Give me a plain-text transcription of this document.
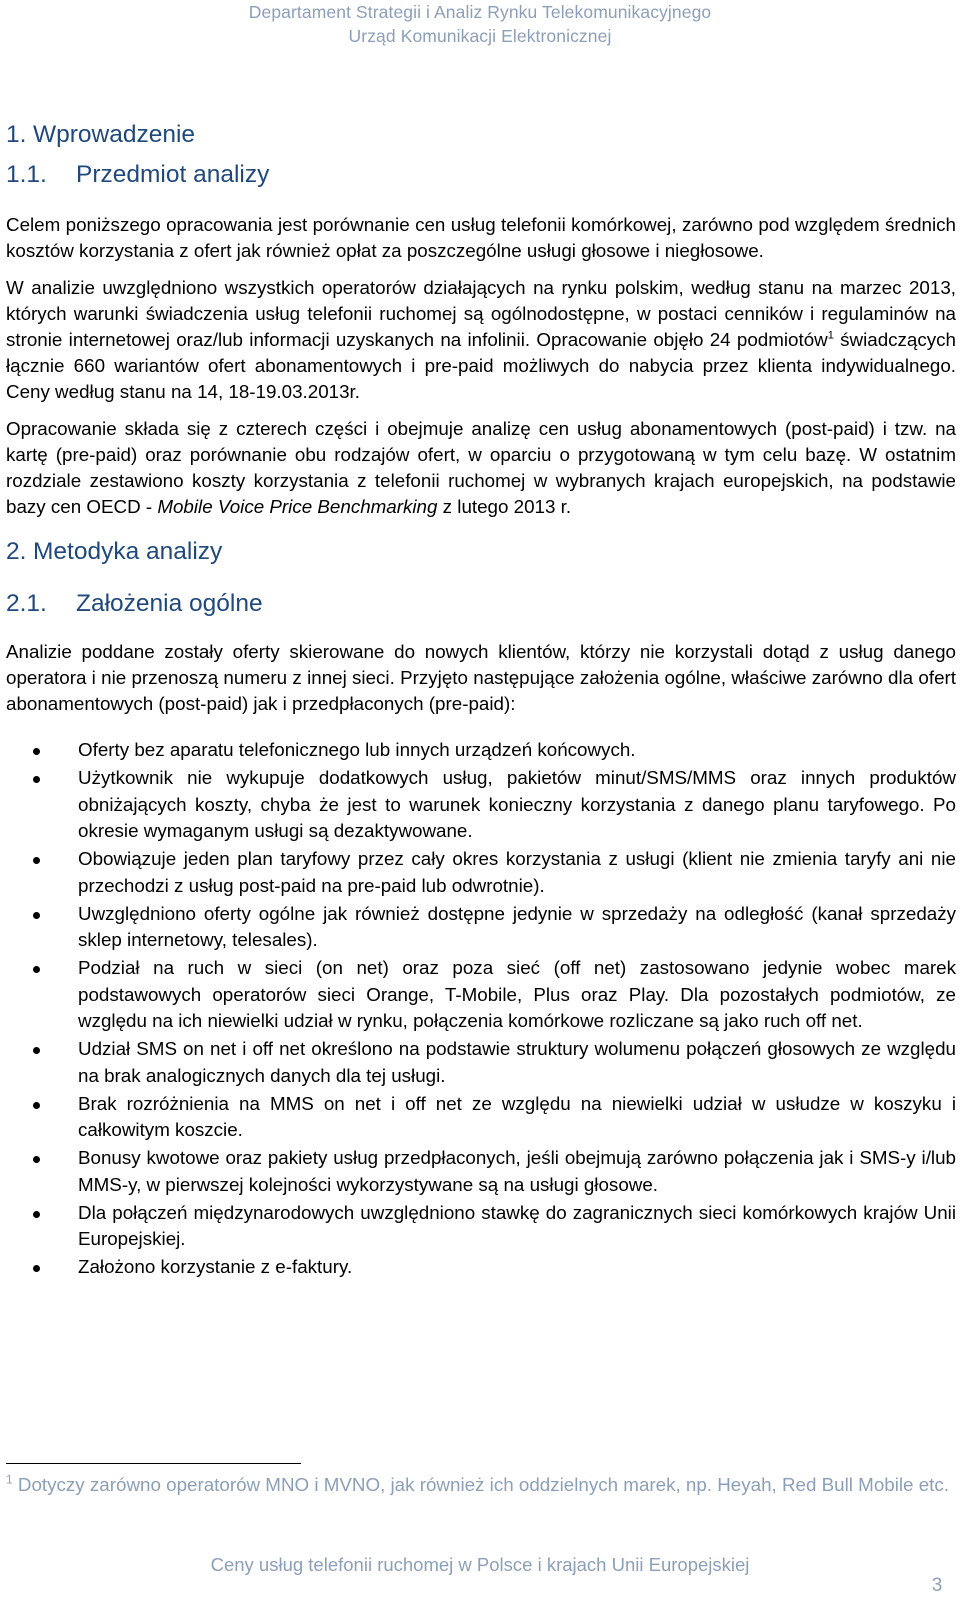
Departament Strategii i Analiz Rynku Telekomunikacyjnego
Urząd Komunikacji Elektronicznej
1. Wprowadzenie
1.1. Przedmiot analizy

Celem poniższego opracowania jest porównanie cen usług telefonii komórkowej, zarówno pod względem średnich kosztów korzystania z ofert jak również opłat za poszczególne usługi głosowe i niegłosowe.

W analizie uwzględniono wszystkich operatorów działających na rynku polskim, według stanu na marzec 2013, których warunki świadczenia usług telefonii ruchomej są ogólnodostępne, w postaci cenników i regulaminów na stronie internetowej oraz/lub informacji uzyskanych na infolinii. Opracowanie objęło 24 podmiotów$^1$ świadczących łącznie 660 wariantów ofert abonamentowych i pre-paid możliwych do nabycia przez klienta indywidualnego. Ceny według stanu na 14, 18-19.03.2013r.

Opracowanie składa się z czterech części i obejmuje analizę cen usług abonamentowych (post-paid) i tzw. na kartę (pre-paid) oraz porównanie obu rodzajów ofert, w oparciu o przygotowaną w tym celu bazę. W ostatnim rozdziale zestawiono koszty korzystania z telefonii ruchomej w wybranych krajach europejskich, na podstawie bazy cen OECD - Mobile Voice Price Benchmarking z lutego 2013 r.

2. Metodyka analizy
2.1. Założenia ogólne

Analizie poddane zostały oferty skierowane do nowych klientów, którzy nie korzystali dotąd z usług danego operatora i nie przenoszą numeru z innej sieci. Przyjęto następujące założenia ogólne, właściwe zarówno dla ofert abonamentowych (post-paid) jak i przedpłaconych (pre-paid):

Oferty bez aparatu telefonicznego lub innych urządzeń końcowych.
Użytkownik nie wykupuje dodatkowych usług, pakietów minut/SMS/MMS oraz innych produktów obniżających koszty, chyba że jest to warunek konieczny korzystania z danego planu taryfowego. Po okresie wymaganym usługi są dezaktywowane.
Obowiązuje jeden plan taryfowy przez cały okres korzystania z usługi (klient nie zmienia taryfy ani nie przechodzi z usług post-paid na pre-paid lub odwrotnie).
Uwzględniono oferty ogólne jak również dostępne jedynie w sprzedaży na odległość (kanał sprzedaży sklep internetowy, telesales).
Podział na ruch w sieci (on net) oraz poza sieć (off net) zastosowano jedynie wobec marek podstawowych operatorów sieci Orange, T-Mobile, Plus oraz Play. Dla pozostałych podmiotów, ze względu na ich niewielki udział w rynku, połączenia komórkowe rozliczane są jako ruch off net.
Udział SMS on net i off net określono na podstawie struktury wolumenu połączeń głosowych ze względu na brak analogicznych danych dla tej usługi.
Brak rozróżnienia na MMS on net i off net ze względu na niewielki udział w usłudze w koszyku i całkowitym koszcie.
Bonusy kwotowe oraz pakiety usług przedpłaconych, jeśli obejmują zarówno połączenia jak i SMS-y i/lub MMS-y, w pierwszej kolejności wykorzystywane są na usługi głosowe.
Dla połączeń międzynarodowych uwzględniono stawkę do zagranicznych sieci komórkowych krajów Unii Europejskiej.
Założono korzystanie z e-faktury.
$^1$ Dotyczy zarówno operatorów MNO i MVNO, jak również ich oddzielnych marek, np. Heyah, Red Bull Mobile etc.
Ceny usług telefonii ruchomej w Polsce i krajach Unii Europejskiej
3
